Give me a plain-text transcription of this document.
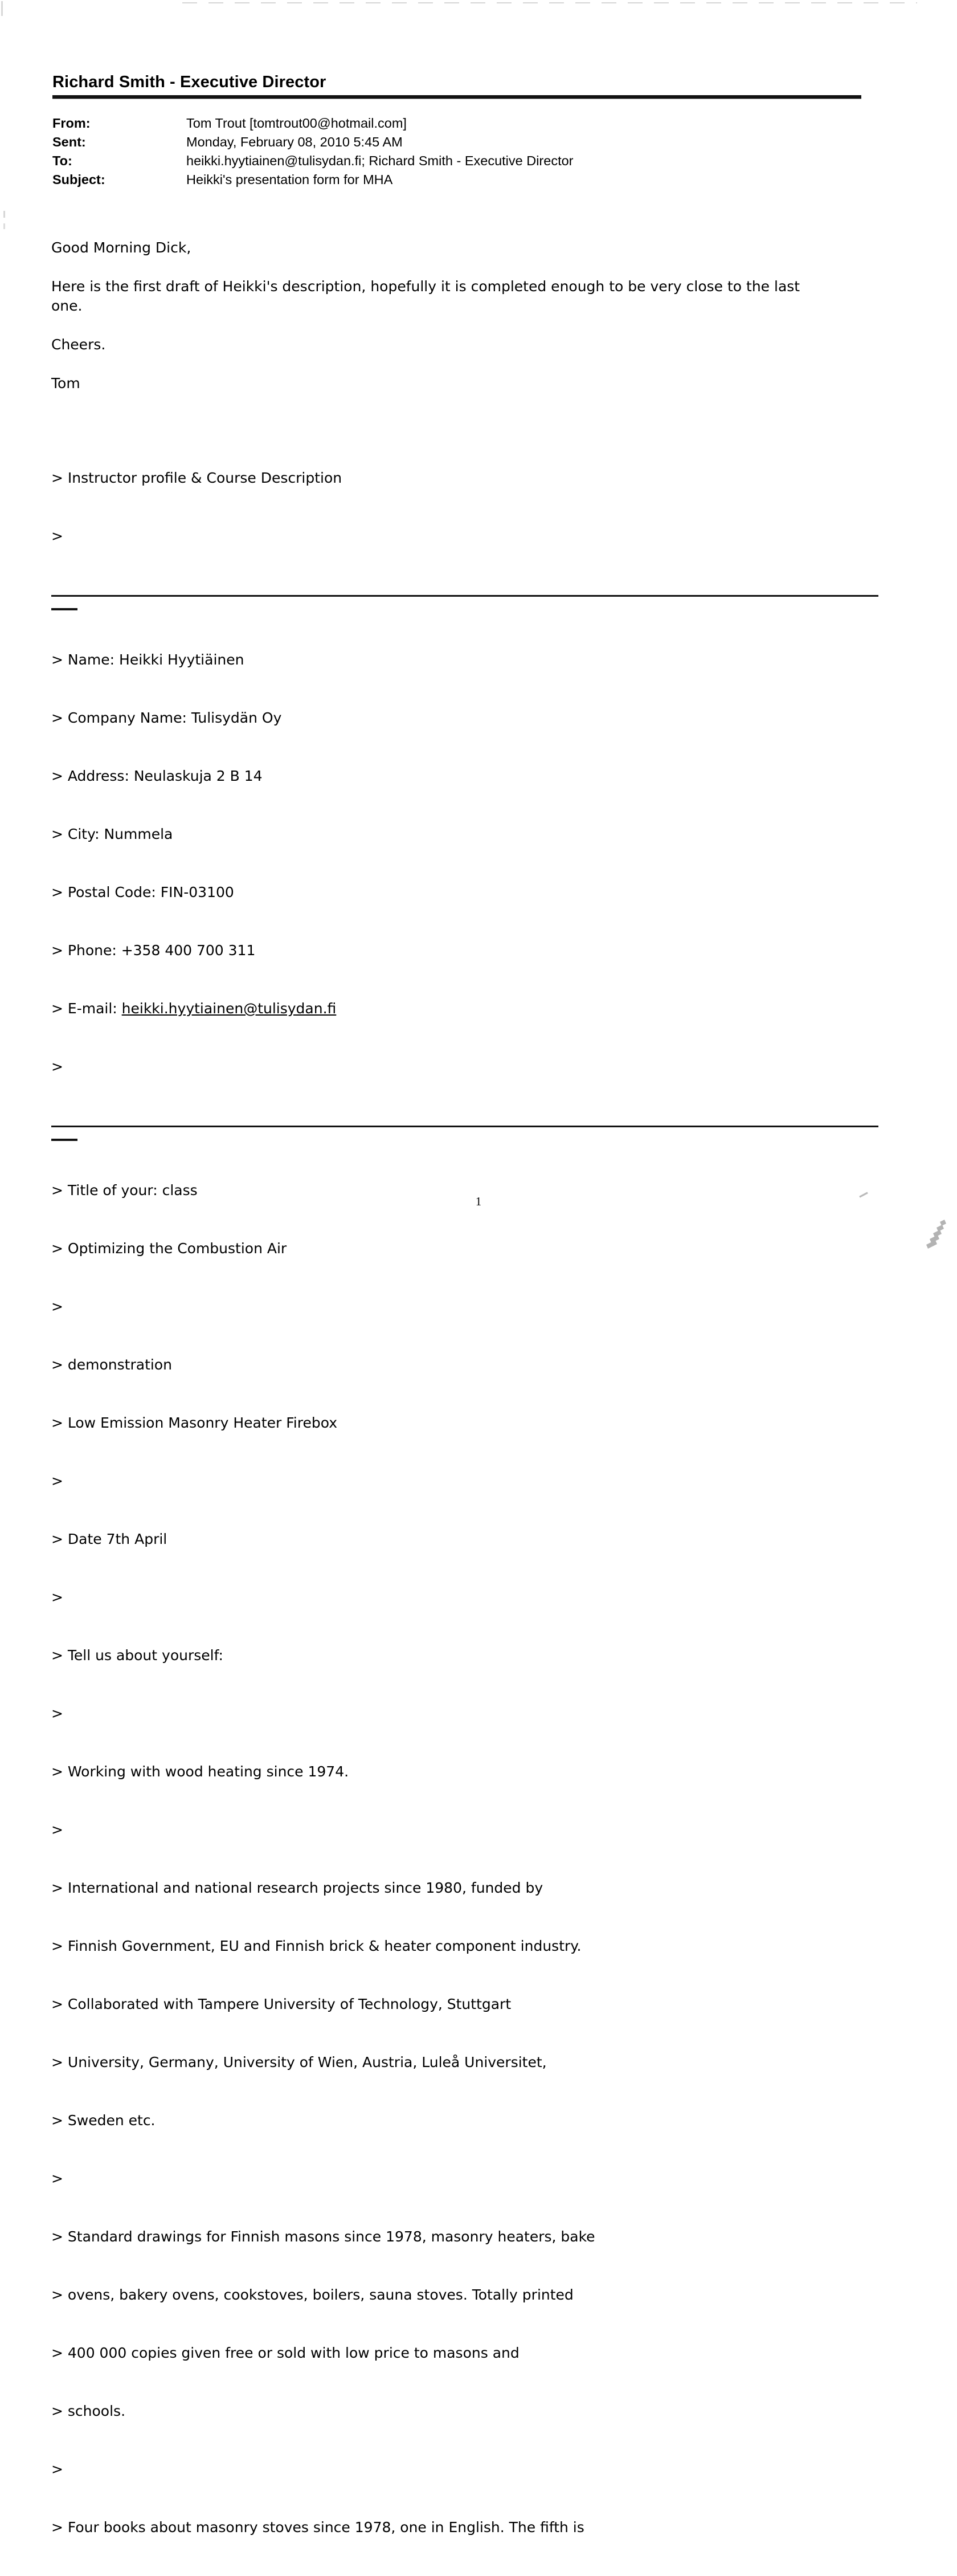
Richard Smith - Executive Director
From:	Tom Trout [tomtrout00@hotmail.com]
Sent:	Monday, February 08, 2010 5:45 AM
To:	heikki.hyytiainen@tulisydan.fi; Richard Smith - Executive Director
Subject:	Heikki's presentation form for MHA

Good Morning Dick,

Here is the first draft of Heikki's description, hopefully it is completed enough to be very close to the last
one.

Cheers.

Tom

> Instructor profile & Course Description

>

> Name: Heikki Hyytiäinen

> Company Name: Tulisydän Oy

> Address: Neulaskuja 2 B 14

> City: Nummela

> Postal Code: FIN-03100

> Phone: +358 400 700 311

> E-mail: heikki.hyytiainen@tulisydan.fi

>

> Title of your: class

> Optimizing the Combustion Air

>

> demonstration

> Low Emission Masonry Heater Firebox

>

> Date 7th April

>

> Tell us about yourself:

>

> Working with wood heating since 1974.

>

> International and national research projects since 1980, funded by

> Finnish Government, EU and Finnish brick & heater component industry.

> Collaborated with Tampere University of Technology, Stuttgart

> University, Germany, University of Wien, Austria, Luleå Universitet,

> Sweden etc.

>

> Standard drawings for Finnish masons since 1978, masonry heaters, bake

> ovens, bakery ovens, cookstoves, boilers, sauna stoves. Totally printed

> 400 000 copies given free or sold with low price to masons and

> schools.

>

> Four books about masonry stoves since 1978, one in English. The fifth is

1
